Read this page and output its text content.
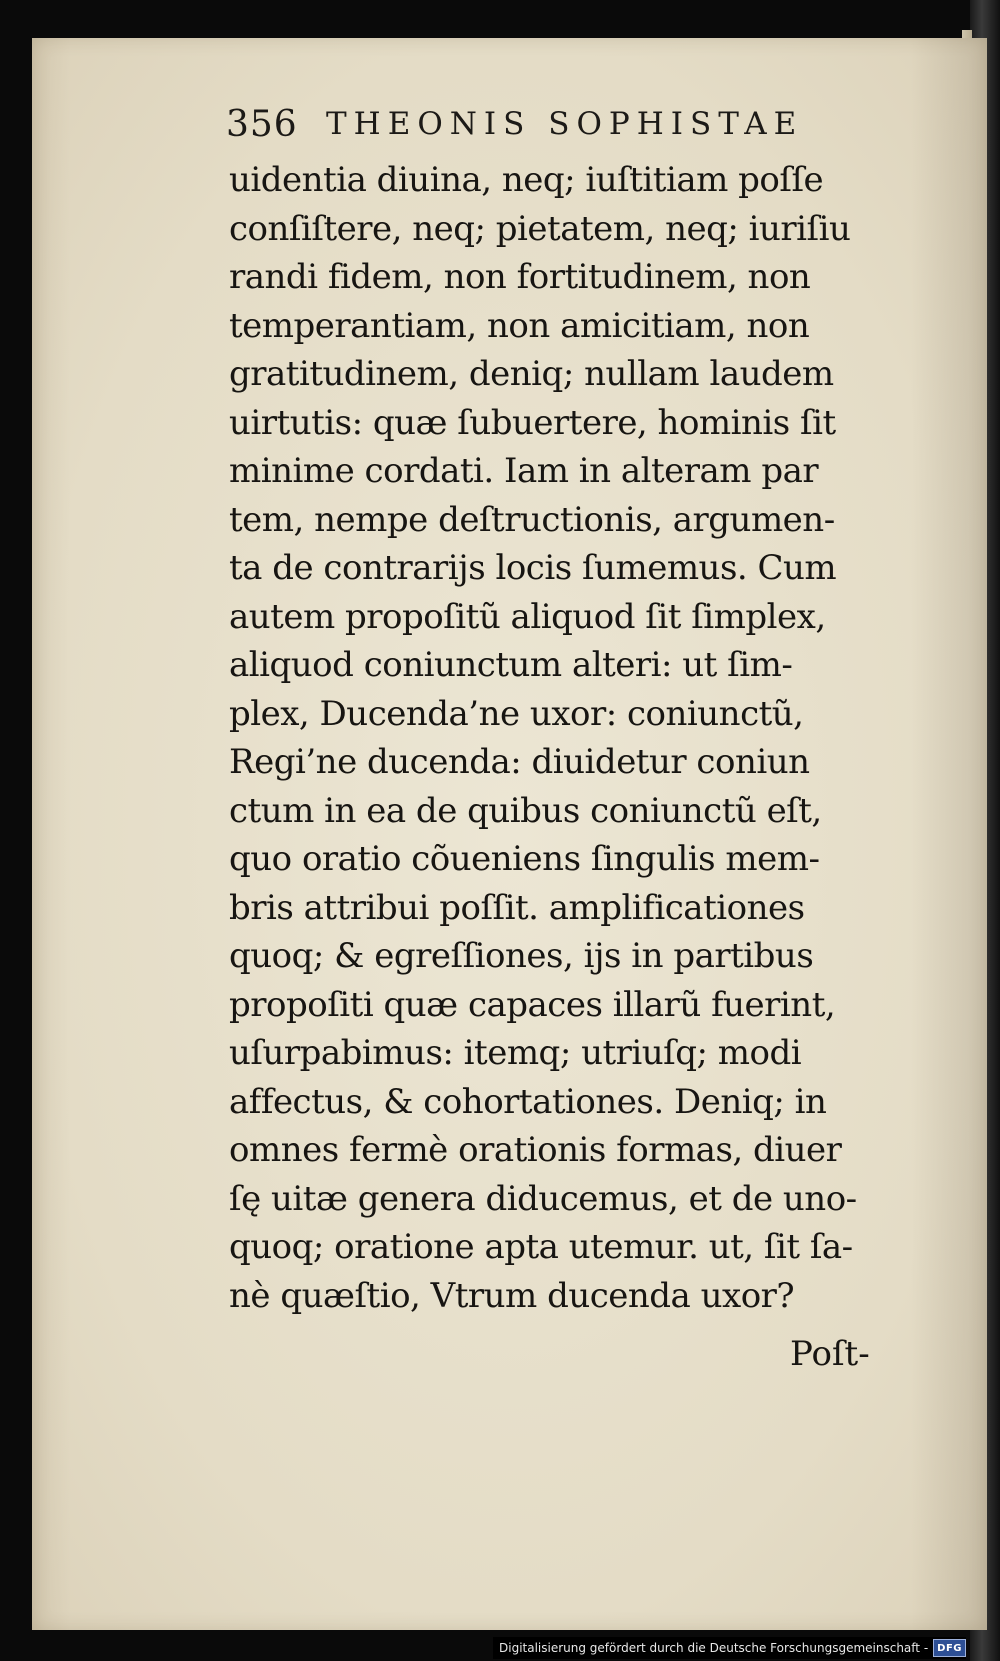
356 THEONIS SOPHISTAE
uidentia diuina, neq; iuſtitiam poſſe
conſiſtere, neq; pietatem, neq; iuriſiu
randi fidem, non fortitudinem, non
temperantiam, non amicitiam, non
gratitudinem, deniq; nullam laudem
uirtutis: quæ ſubuertere, hominis ſit
minime cordati. Iam in alteram par
tem, nempe deſtructionis, argumen-
ta de contrarijs locis ſumemus. Cum
autem propoſitũ aliquod ſit ſimplex,
aliquod coniunctum alteri: ut ſim-
plex, Ducenda’ne uxor: coniunctũ,
Regi’ne ducenda: diuidetur coniun
ctum in ea de quibus coniunctũ eſt,
quo oratio cõueniens ſingulis mem-
bris attribui poſſit. amplificationes
quoq; & egreſſiones, ijs in partibus
propoſiti quæ capaces illarũ fuerint,
uſurpabimus: itemq; utriuſq; modi
affectus, & cohortationes. Deniq; in
omnes fermè orationis formas, diuer
ſę uitæ genera diducemus, et de uno-
quoq; oratione apta utemur. ut, ſit ſa-
nè quæſtio, Vtrum ducenda uxor?
Poſt-
Digitalisierung gefördert durch die Deutsche Forschungsgemeinschaft - DFG
